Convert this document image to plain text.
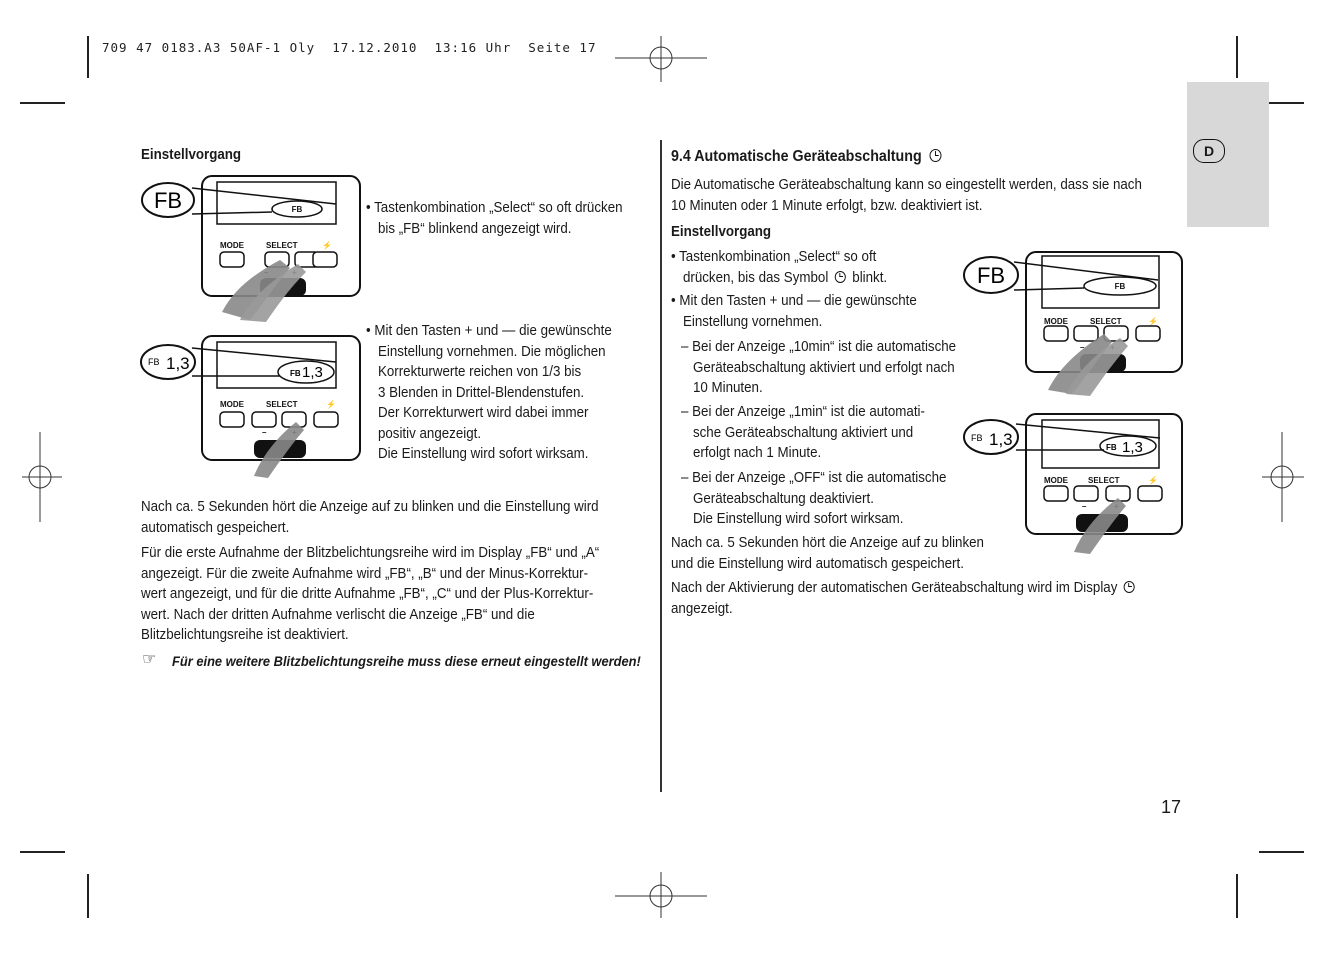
709 47 0183.A3 50AF-1 Oly  17.12.2010  13:16 Uhr  Seite 17
D
Einstellvorgang
FB
MODE	SELECT	⚡
FB	• Tastenkombination „Select“ so oft drücken

bis „FB“ blinkend angezeigt wird.

FB 1,3
MODE	SELECT	⚡
–
FB 1,3

• Mit den Tasten + und — die gewünschte

Einstellung vornehmen. Die möglichen

Korrekturwerte reichen von 1/3 bis

3 Blenden in Drittel-Blendenstufen.

Der Korrekturwert wird dabei immer

positiv angezeigt.

Die Einstellung wird sofort wirksam.

Nach ca. 5 Sekunden hört die Anzeige auf zu blinken und die Einstellung wird

automatisch gespeichert.

Für die erste Aufnahme der Blitzbelichtungsreihe wird im Display „FB“ und „A“

angezeigt. Für die zweite Aufnahme wird „FB“, „B“ und der Minus-Korrektur-

wert angezeigt, und für die dritte Aufnahme „FB“, „C“ und der Plus-Korrektur-

wert. Nach der dritten Aufnahme verlischt die Anzeige „FB“ und die

Blitzbelichtungsreihe ist deaktiviert.

☞ Für eine weitere Blitzbelichtungsreihe muss diese erneut eingestellt werden!
9.4 Automatische Geräteabschaltung

Die Automatische Geräteabschaltung kann so eingestellt werden, dass sie nach

10 Minuten oder 1 Minute erfolgt, bzw. deaktiviert ist.

Einstellvorgang

• Tastenkombination „Select“ so oft

drücken, bis das Symbol blinkt.

• Mit den Tasten + und — die gewünschte

Einstellung vornehmen.

– Bei der Anzeige „10min“ ist die automatische

Geräteabschaltung aktiviert und erfolgt nach

10 Minuten.

– Bei der Anzeige „1min“ ist die automati-

sche Geräteabschaltung aktiviert und

erfolgt nach 1 Minute.

– Bei der Anzeige „OFF“ ist die automatische

Geräteabschaltung deaktiviert.

Die Einstellung wird sofort wirksam.

Nach ca. 5 Sekunden hört die Anzeige auf zu blinken

und die Einstellung wird automatisch gespeichert.

Nach der Aktivierung der automatischen Geräteabschaltung wird im Display

angezeigt.

FB
MODE	SELECT	⚡
–
FB
FB 1,3
MODE	SELECT	⚡
–
FB 1,3
17
